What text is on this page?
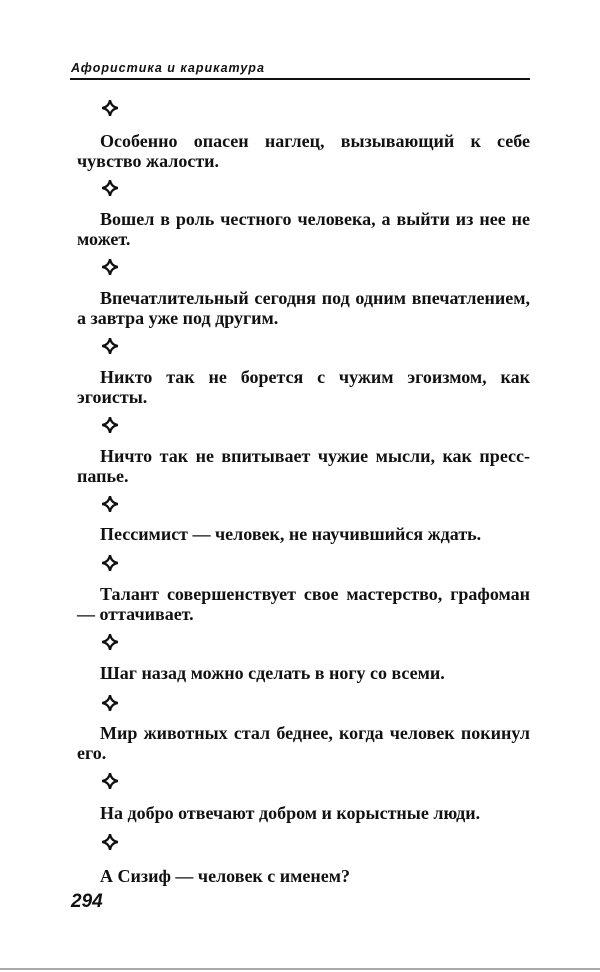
Афористика и карикатура
Особенно опасен наглец, вызывающий к себе чувство жалости.
Вошел в роль честного человека, а выйти из нее не может.
Впечатлительный сегодня под одним впечатлением, а завтра уже под другим.
Никто так не борется с чужим эгоизмом, как эгоисты.
Ничто так не впитывает чужие мысли, как пресс-папье.
Пессимист — человек, не научившийся ждать.
Талант совершенствует свое мастерство, графоман — оттачивает.
Шаг назад можно сделать в ногу со всеми.
Мир животных стал беднее, когда человек покинул его.
На добро отвечают добром и корыстные люди.
А Сизиф — человек с именем?
294
